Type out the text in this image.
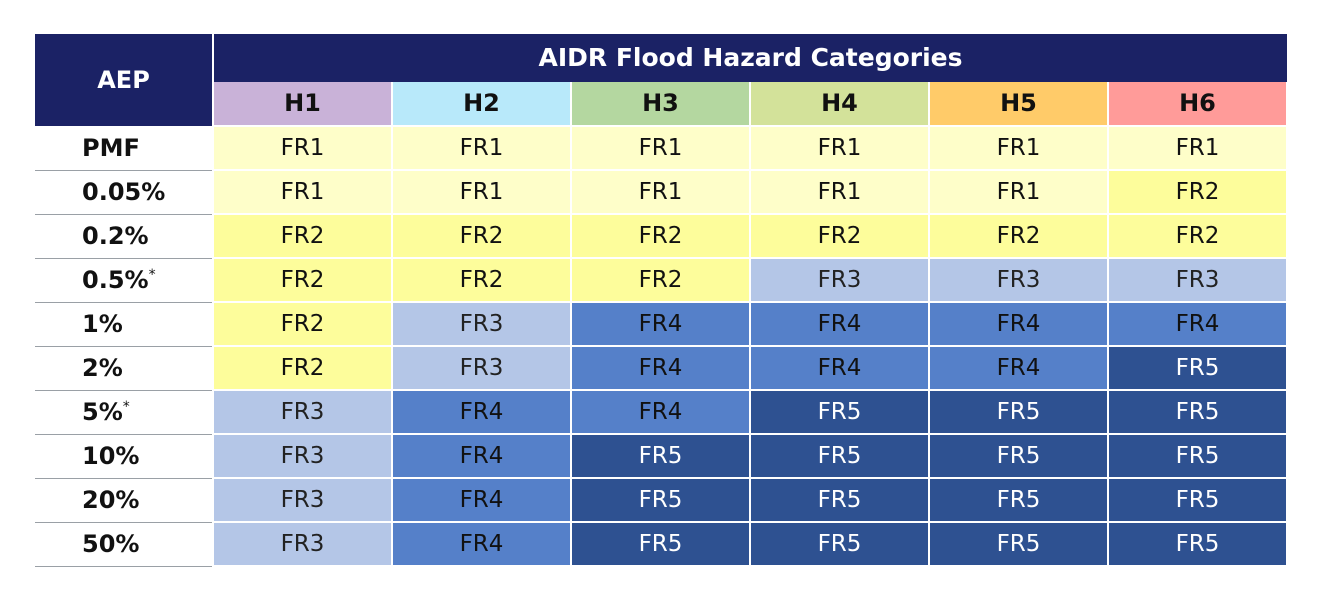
AEP	AIDR Flood Hazard Categories					
	H1	H2	H3	H4	H5	H6
PMF	FR1	FR1	FR1	FR1	FR1	FR1
0.05%	FR1	FR1	FR1	FR1	FR1	FR2
0.2%	FR2	FR2	FR2	FR2	FR2	FR2
0.5%*	FR2	FR2	FR2	FR3	FR3	FR3
1%	FR2	FR3	FR4	FR4	FR4	FR4
2%	FR2	FR3	FR4	FR4	FR4	FR5
5%*	FR3	FR4	FR4	FR5	FR5	FR5
10%	FR3	FR4	FR5	FR5	FR5	FR5
20%	FR3	FR4	FR5	FR5	FR5	FR5
50%	FR3	FR4	FR5	FR5	FR5	FR5
